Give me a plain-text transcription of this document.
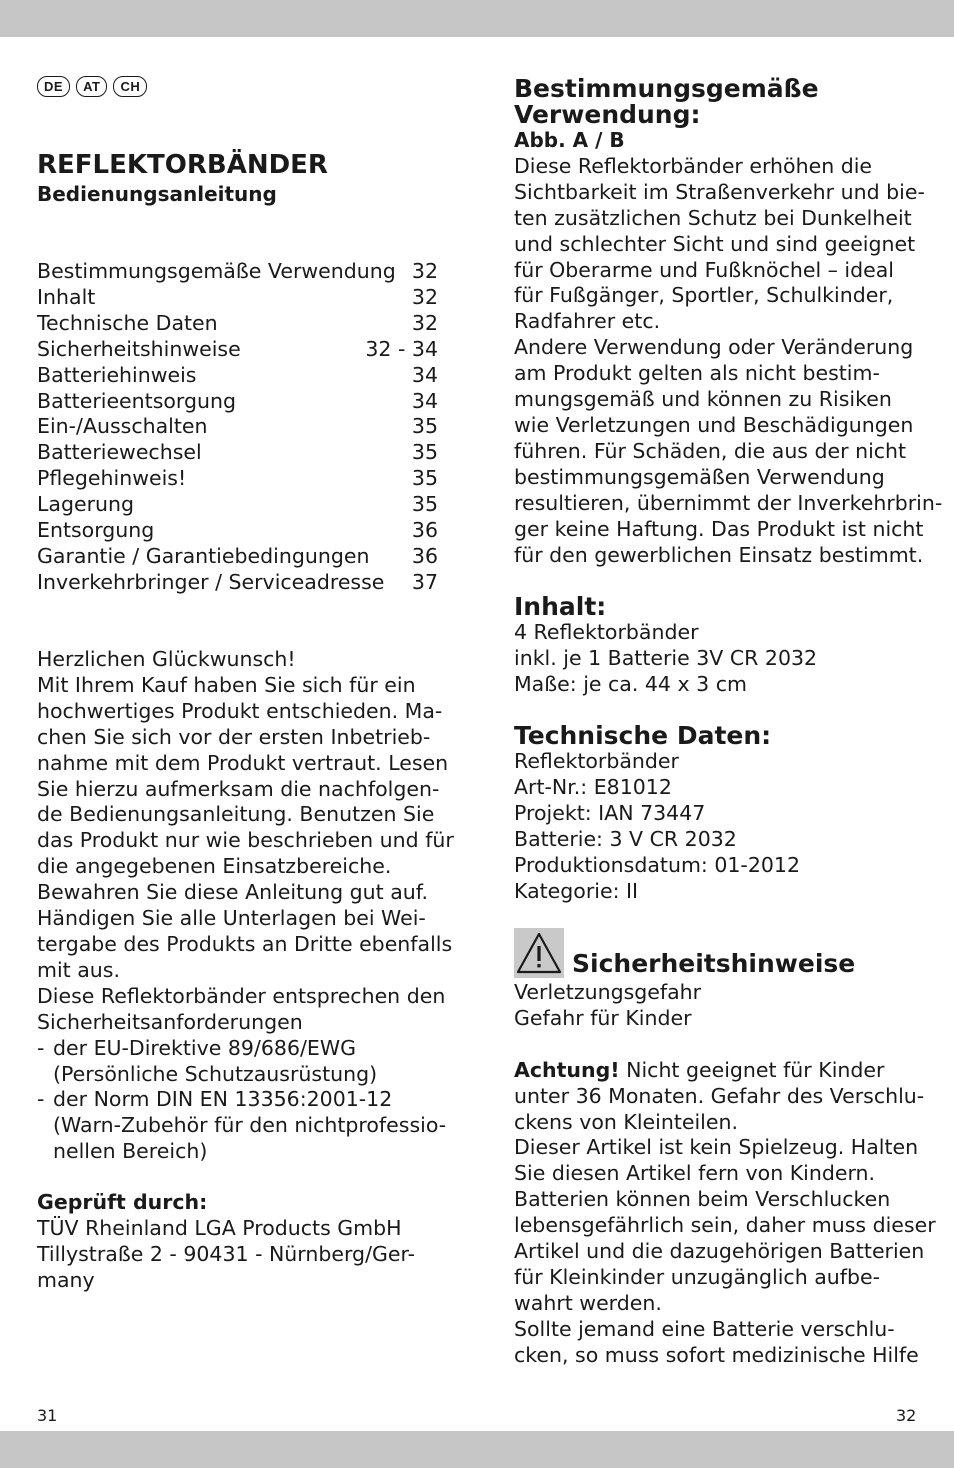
DE	AT	CH
REFLEKTORBÄNDER
Bedienungsanleitung
Bestimmungsgemäße Verwendung 32
Inhalt	32
Technische Daten	32
Sicherheitshinweise	32 - 34
Batteriehinweis	34
Batterieentsorgung	34
Ein-/Ausschalten	35
Batteriewechsel	35
Pflegehinweis!	35
Lagerung	35
Entsorgung	36
Garantie / Garantiebedingungen 36
Inverkehrbringer / Serviceadresse 37
Herzlichen Glückwunsch!
Mit Ihrem Kauf haben Sie sich für ein
hochwertiges Produkt entschieden. Ma-
chen Sie sich vor der ersten Inbetrieb-
nahme mit dem Produkt vertraut. Lesen
Sie hierzu aufmerksam die nachfolgen-
de Bedienungsanleitung. Benutzen Sie
das Produkt nur wie beschrieben und für
die angegebenen Einsatzbereiche.
Bewahren Sie diese Anleitung gut auf.
Händigen Sie alle Unterlagen bei Wei-
tergabe des Produkts an Dritte ebenfalls
mit aus.
Diese Reflektorbänder entsprechen den
Sicherheitsanforderungen
- der EU-Direktive 89/686/EWG
(Persönliche Schutzausrüstung)
- der Norm DIN EN 13356:2001-12
(Warn-Zubehör für den nichtprofessio-
nellen Bereich)
Geprüft durch:
TÜV Rheinland LGA Products GmbH
Tillystraße 2 - 90431 - Nürnberg/Ger-
many
31
Bestimmungsgemäße
Verwendung:
Abb. A / B
Diese Reflektorbänder erhöhen die
Sichtbarkeit im Straßenverkehr und bie-
ten zusätzlichen Schutz bei Dunkelheit
und schlechter Sicht und sind geeignet
für Oberarme und Fußknöchel – ideal
für Fußgänger, Sportler, Schulkinder,
Radfahrer etc.
Andere Verwendung oder Veränderung
am Produkt gelten als nicht bestim-
mungsgemäß und können zu Risiken
wie Verletzungen und Beschädigungen
führen. Für Schäden, die aus der nicht
bestimmungsgemäßen Verwendung
resultieren, übernimmt der Inverkehrbrin-
ger keine Haftung. Das Produkt ist nicht
für den gewerblichen Einsatz bestimmt.
Inhalt:
4 Reflektorbänder
inkl. je 1 Batterie 3V CR 2032
Maße: je ca. 44 x 3 cm
Technische Daten:
Reflektorbänder
Art-Nr.: E81012
Projekt: IAN 73447
Batterie: 3 V CR 2032
Produktionsdatum: 01-2012
Kategorie: II
Sicherheitshinweise
Verletzungsgefahr
Gefahr für Kinder
Achtung! Nicht geeignet für Kinder
unter 36 Monaten. Gefahr des Verschlu-
ckens von Kleinteilen.
Dieser Artikel ist kein Spielzeug. Halten
Sie diesen Artikel fern von Kindern.
Batterien können beim Verschlucken
lebensgefährlich sein, daher muss dieser
Artikel und die dazugehörigen Batterien
für Kleinkinder unzugänglich aufbe-
wahrt werden.
Sollte jemand eine Batterie verschlu-
cken, so muss sofort medizinische Hilfe
32
